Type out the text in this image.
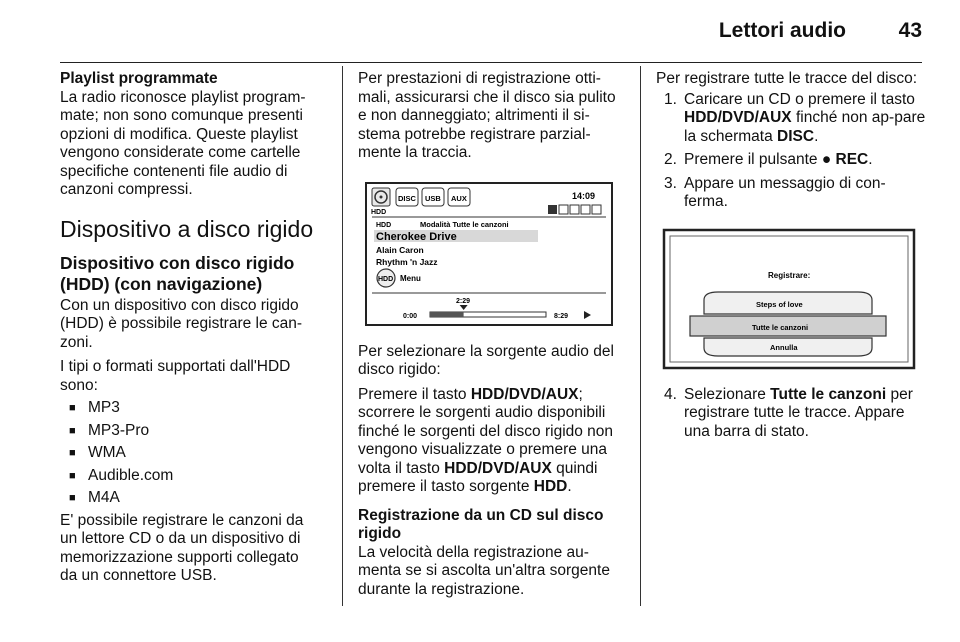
Lettori audio	43

Playlist programmate

La radio riconosce playlist program-mate; non sono comunque presenti opzioni di modifica. Queste playlist vengono considerate come cartelle specifiche contenenti file audio di canzoni compressi.

Dispositivo a disco rigido
Dispositivo con disco rigido (HDD) (con navigazione)

Con un dispositivo con disco rigido (HDD) è possibile registrare le can-zoni.

I tipi o formati supportati dall'HDD sono:

■ MP3
■ MP3-Pro
■ WMA
■ Audible.com
■ M4A

E' possibile registrare le canzoni da un lettore CD o da un dispositivo di memorizzazione supporti collegato da un connettore USB.

Per prestazioni di registrazione otti-mali, assicurarsi che il disco sia pulito e non danneggiato; altrimenti il si-stema potrebbe registrare parzial-mente la traccia.

HDD
DISC USB AUX	14:09
HDD	Modalità Tutte le canzoni
Cherokee Drive
Alain Caron
Rhythm 'n Jazz
HDD Menu
2:29
0:00	8:29

Per selezionare la sorgente audio del disco rigido:

Premere il tasto HDD/DVD/AUX; scorrere le sorgenti audio disponibili finché le sorgenti del disco rigido non vengono visualizzate o premere una volta il tasto HDD/DVD/AUX quindi premere il tasto sorgente HDD.

Registrazione da un CD sul disco rigido

La velocità della registrazione au-menta se si ascolta un'altra sorgente durante la registrazione.

Per registrare tutte le tracce del disco:

1. Caricare un CD o premere il tasto HDD/DVD/AUX finché non ap-pare la schermata DISC.
2. Premere il pulsante ● REC.
3. Appare un messaggio di con-ferma.
Registrare:
Steps of love
Tutte le canzoni
Annulla
4. Selezionare Tutte le canzoni per registrare tutte le tracce. Appare una barra di stato.
